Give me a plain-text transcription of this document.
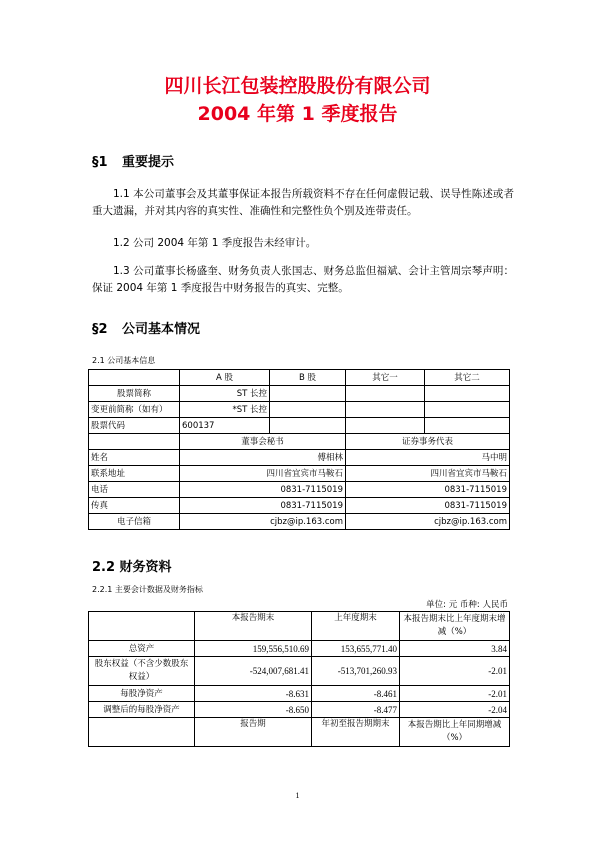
四川长江包装控股股份有限公司
2004 年第 1 季度报告
§1 重要提示
1.1 本公司董事会及其董事保证本报告所载资料不存在任何虚假记载、误导性陈述或者重大遗漏，并对其内容的真实性、准确性和完整性负个别及连带责任。
1.2 公司 2004 年第 1 季度报告未经审计。
1.3 公司董事长杨盛奎、财务负责人张国志、财务总监但福斌、会计主管周宗琴声明：保证 2004 年第 1 季度报告中财务报告的真实、完整。
§2 公司基本情况
2.1 公司基本信息
	A 股	B 股	其它一	其它二
股票简称	ST 长控			
变更前简称（如有）	*ST 长控			
股票代码	600137			
	董事会秘书		证券事务代表	
姓名	傅相林		马中明	
联系地址	四川省宜宾市马鞍石		四川省宜宾市马鞍石	
电话	0831-7115019		0831-7115019	
传真	0831-7115019		0831-7115019	
电子信箱	cjbz@ip.163.com		cjbz@ip.163.com	
2.2 财务资料
2.2.1 主要会计数据及财务指标
单位: 元 币种: 人民币
	本报告期末	上年度期末	本报告期末比上年度期末增减（%）
总资产	159,556,510.69	153,655,771.40	3.84
股东权益（不含少数股东权益）	-524,007,681.41	-513,701,260.93	-2.01
每股净资产	-8.631	-8.461	-2.01
调整后的每股净资产	-8.650	-8.477	-2.04
	报告期	年初至报告期期末	本报告期比上年同期增减（%）
1
